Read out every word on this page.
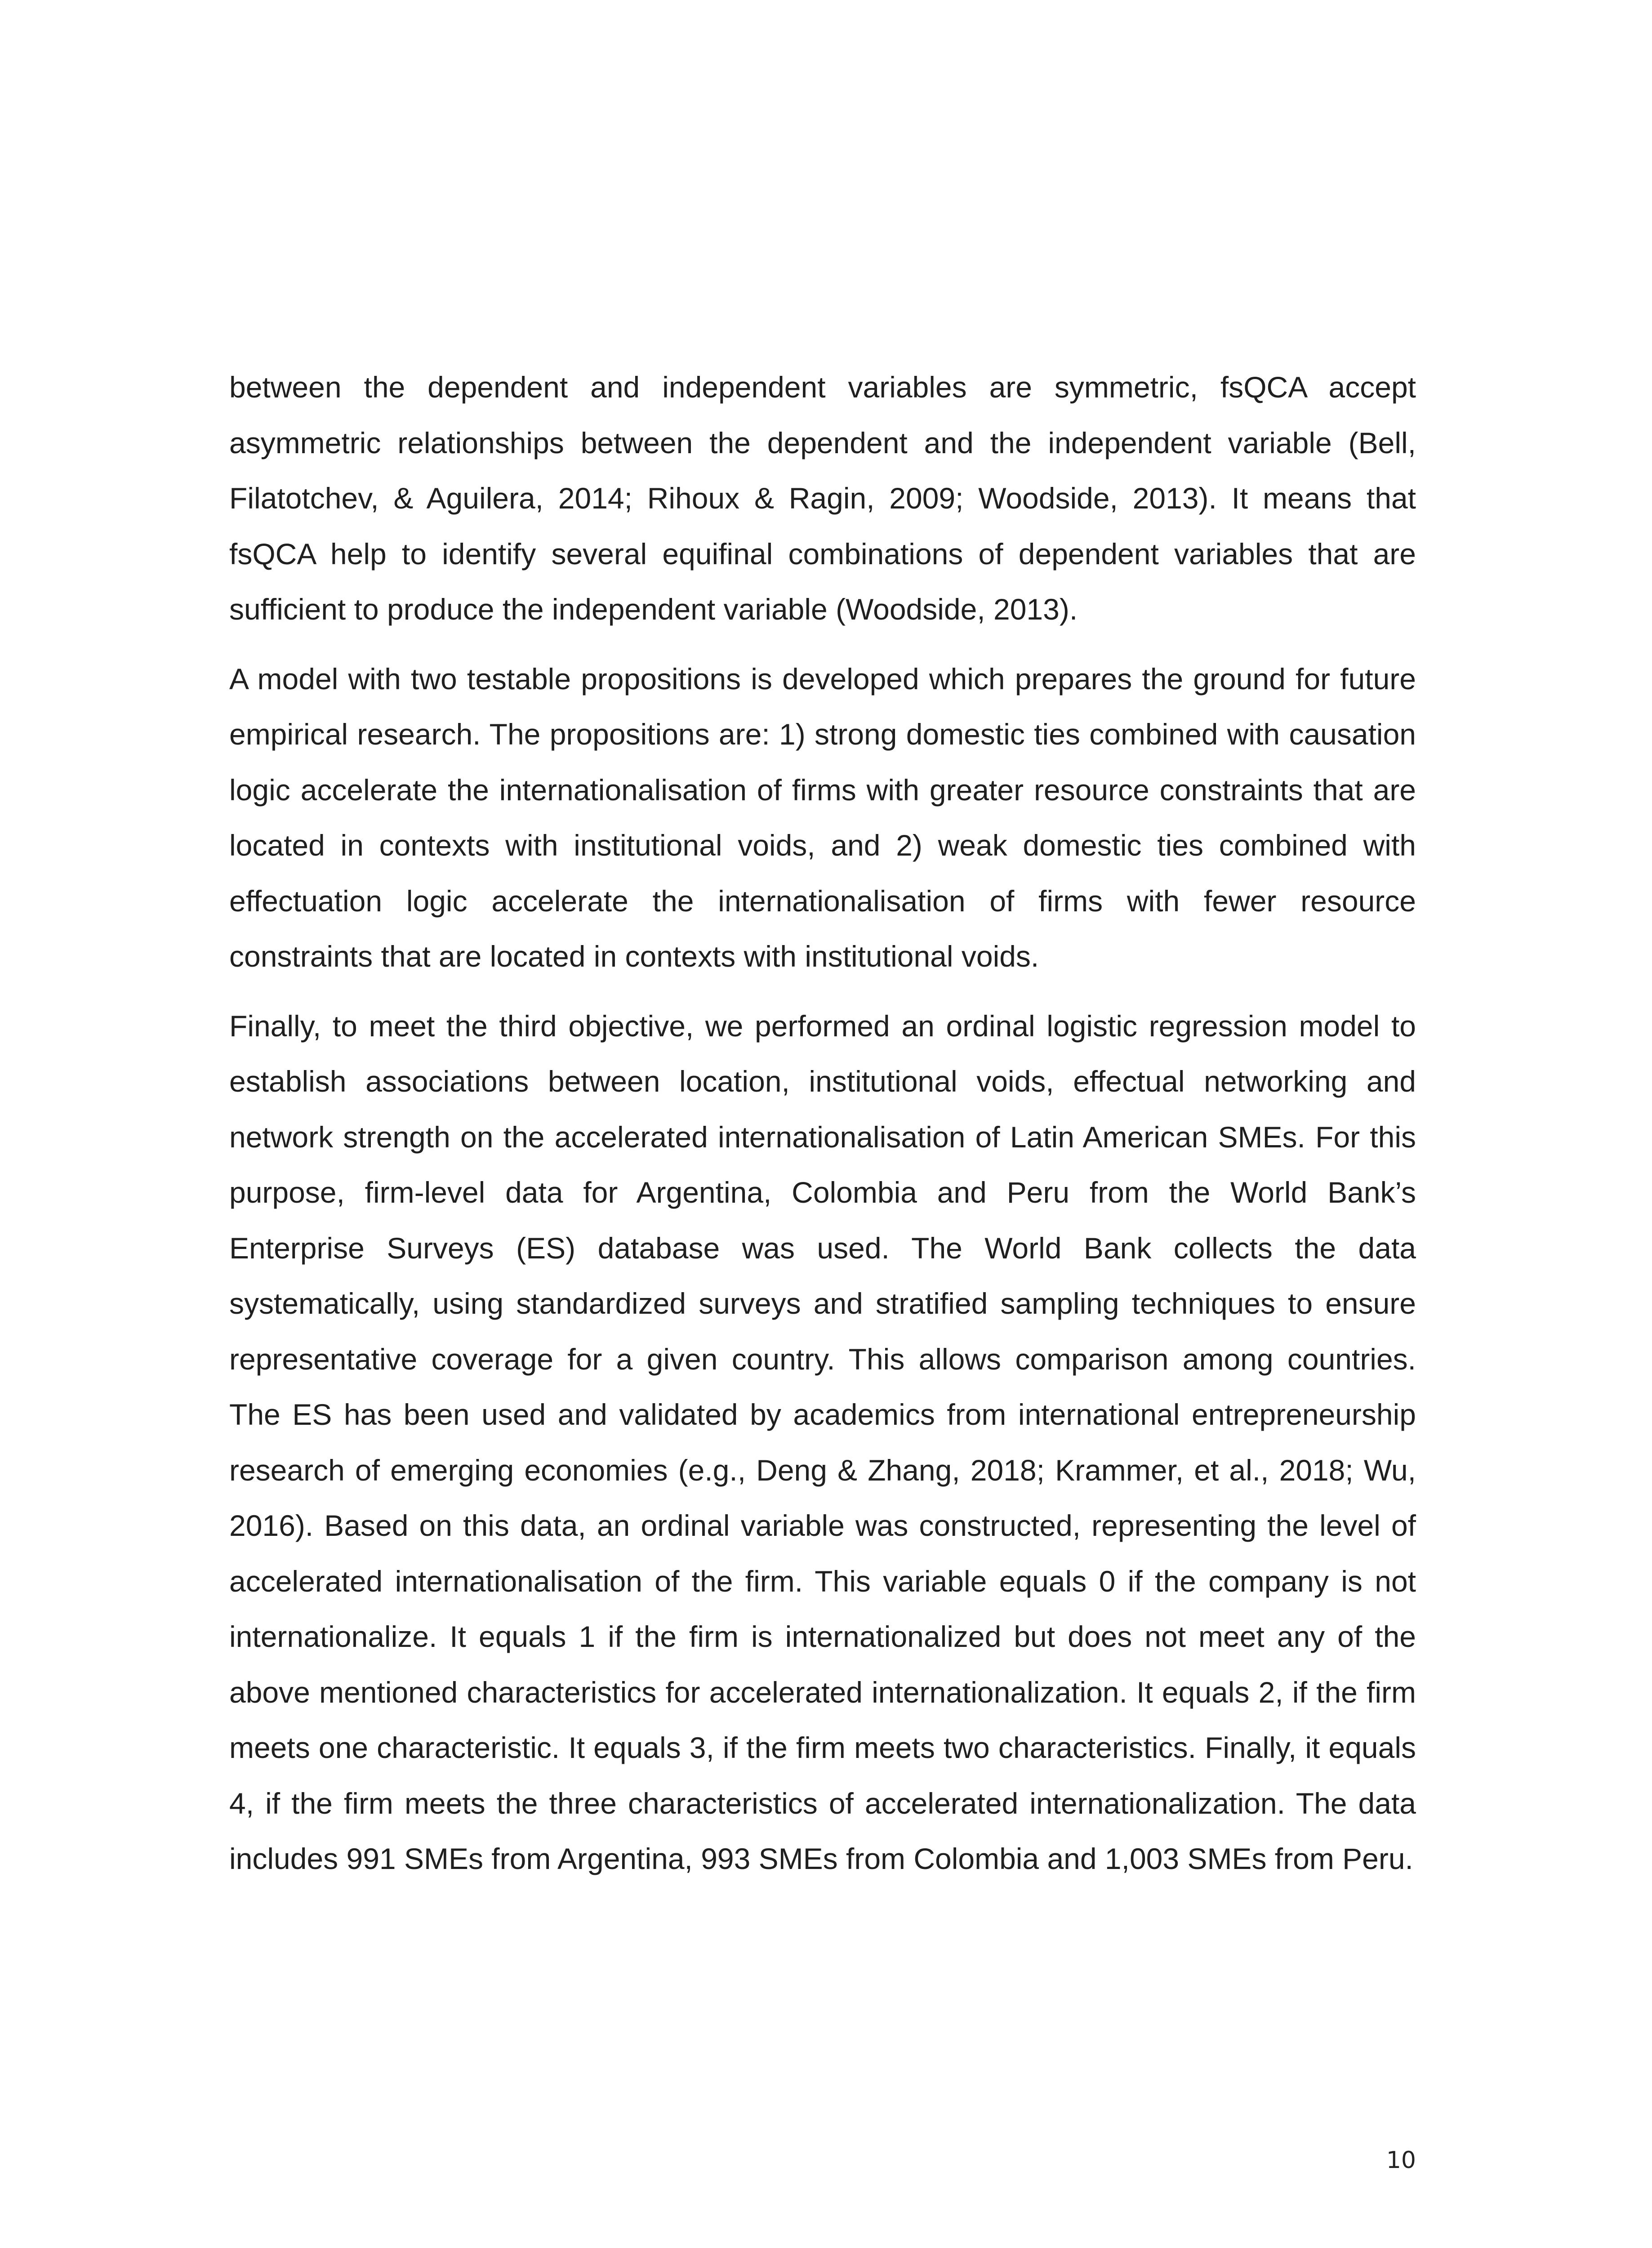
between the dependent and independent variables are symmetric, fsQCA accept asymmetric relationships between the dependent and the independent variable (Bell, Filatotchev, & Aguilera, 2014; Rihoux & Ragin, 2009; Woodside, 2013). It means that fsQCA help to identify several equifinal combinations of dependent variables that are sufficient to produce the independent variable (Woodside, 2013).

A model with two testable propositions is developed which prepares the ground for future empirical research. The propositions are: 1) strong domestic ties combined with causation logic accelerate the internationalisation of firms with greater resource constraints that are located in contexts with institutional voids, and 2) weak domestic ties combined with effectuation logic accelerate the internationalisation of firms with fewer resource constraints that are located in contexts with institutional voids.

Finally, to meet the third objective, we performed an ordinal logistic regression model to establish associations between location, institutional voids, effectual networking and network strength on the accelerated internationalisation of Latin American SMEs. For this purpose, firm-level data for Argentina, Colombia and Peru from the World Bank’s Enterprise Surveys (ES) database was used. The World Bank collects the data systematically, using standardized surveys and stratified sampling techniques to ensure representative coverage for a given country. This allows comparison among countries. The ES has been used and validated by academics from international entrepreneurship research of emerging economies (e.g., Deng & Zhang, 2018; Krammer, et al., 2018; Wu, 2016). Based on this data, an ordinal variable was constructed, representing the level of accelerated internationalisation of the firm. This variable equals 0 if the company is not internationalize. It equals 1 if the firm is internationalized but does not meet any of the above mentioned characteristics for accelerated internationalization. It equals 2, if the firm meets one characteristic. It equals 3, if the firm meets two characteristics. Finally, it equals 4, if the firm meets the three characteristics of accelerated internationalization. The data includes 991 SMEs from Argentina, 993 SMEs from Colombia and 1,003 SMEs from Peru.

10
